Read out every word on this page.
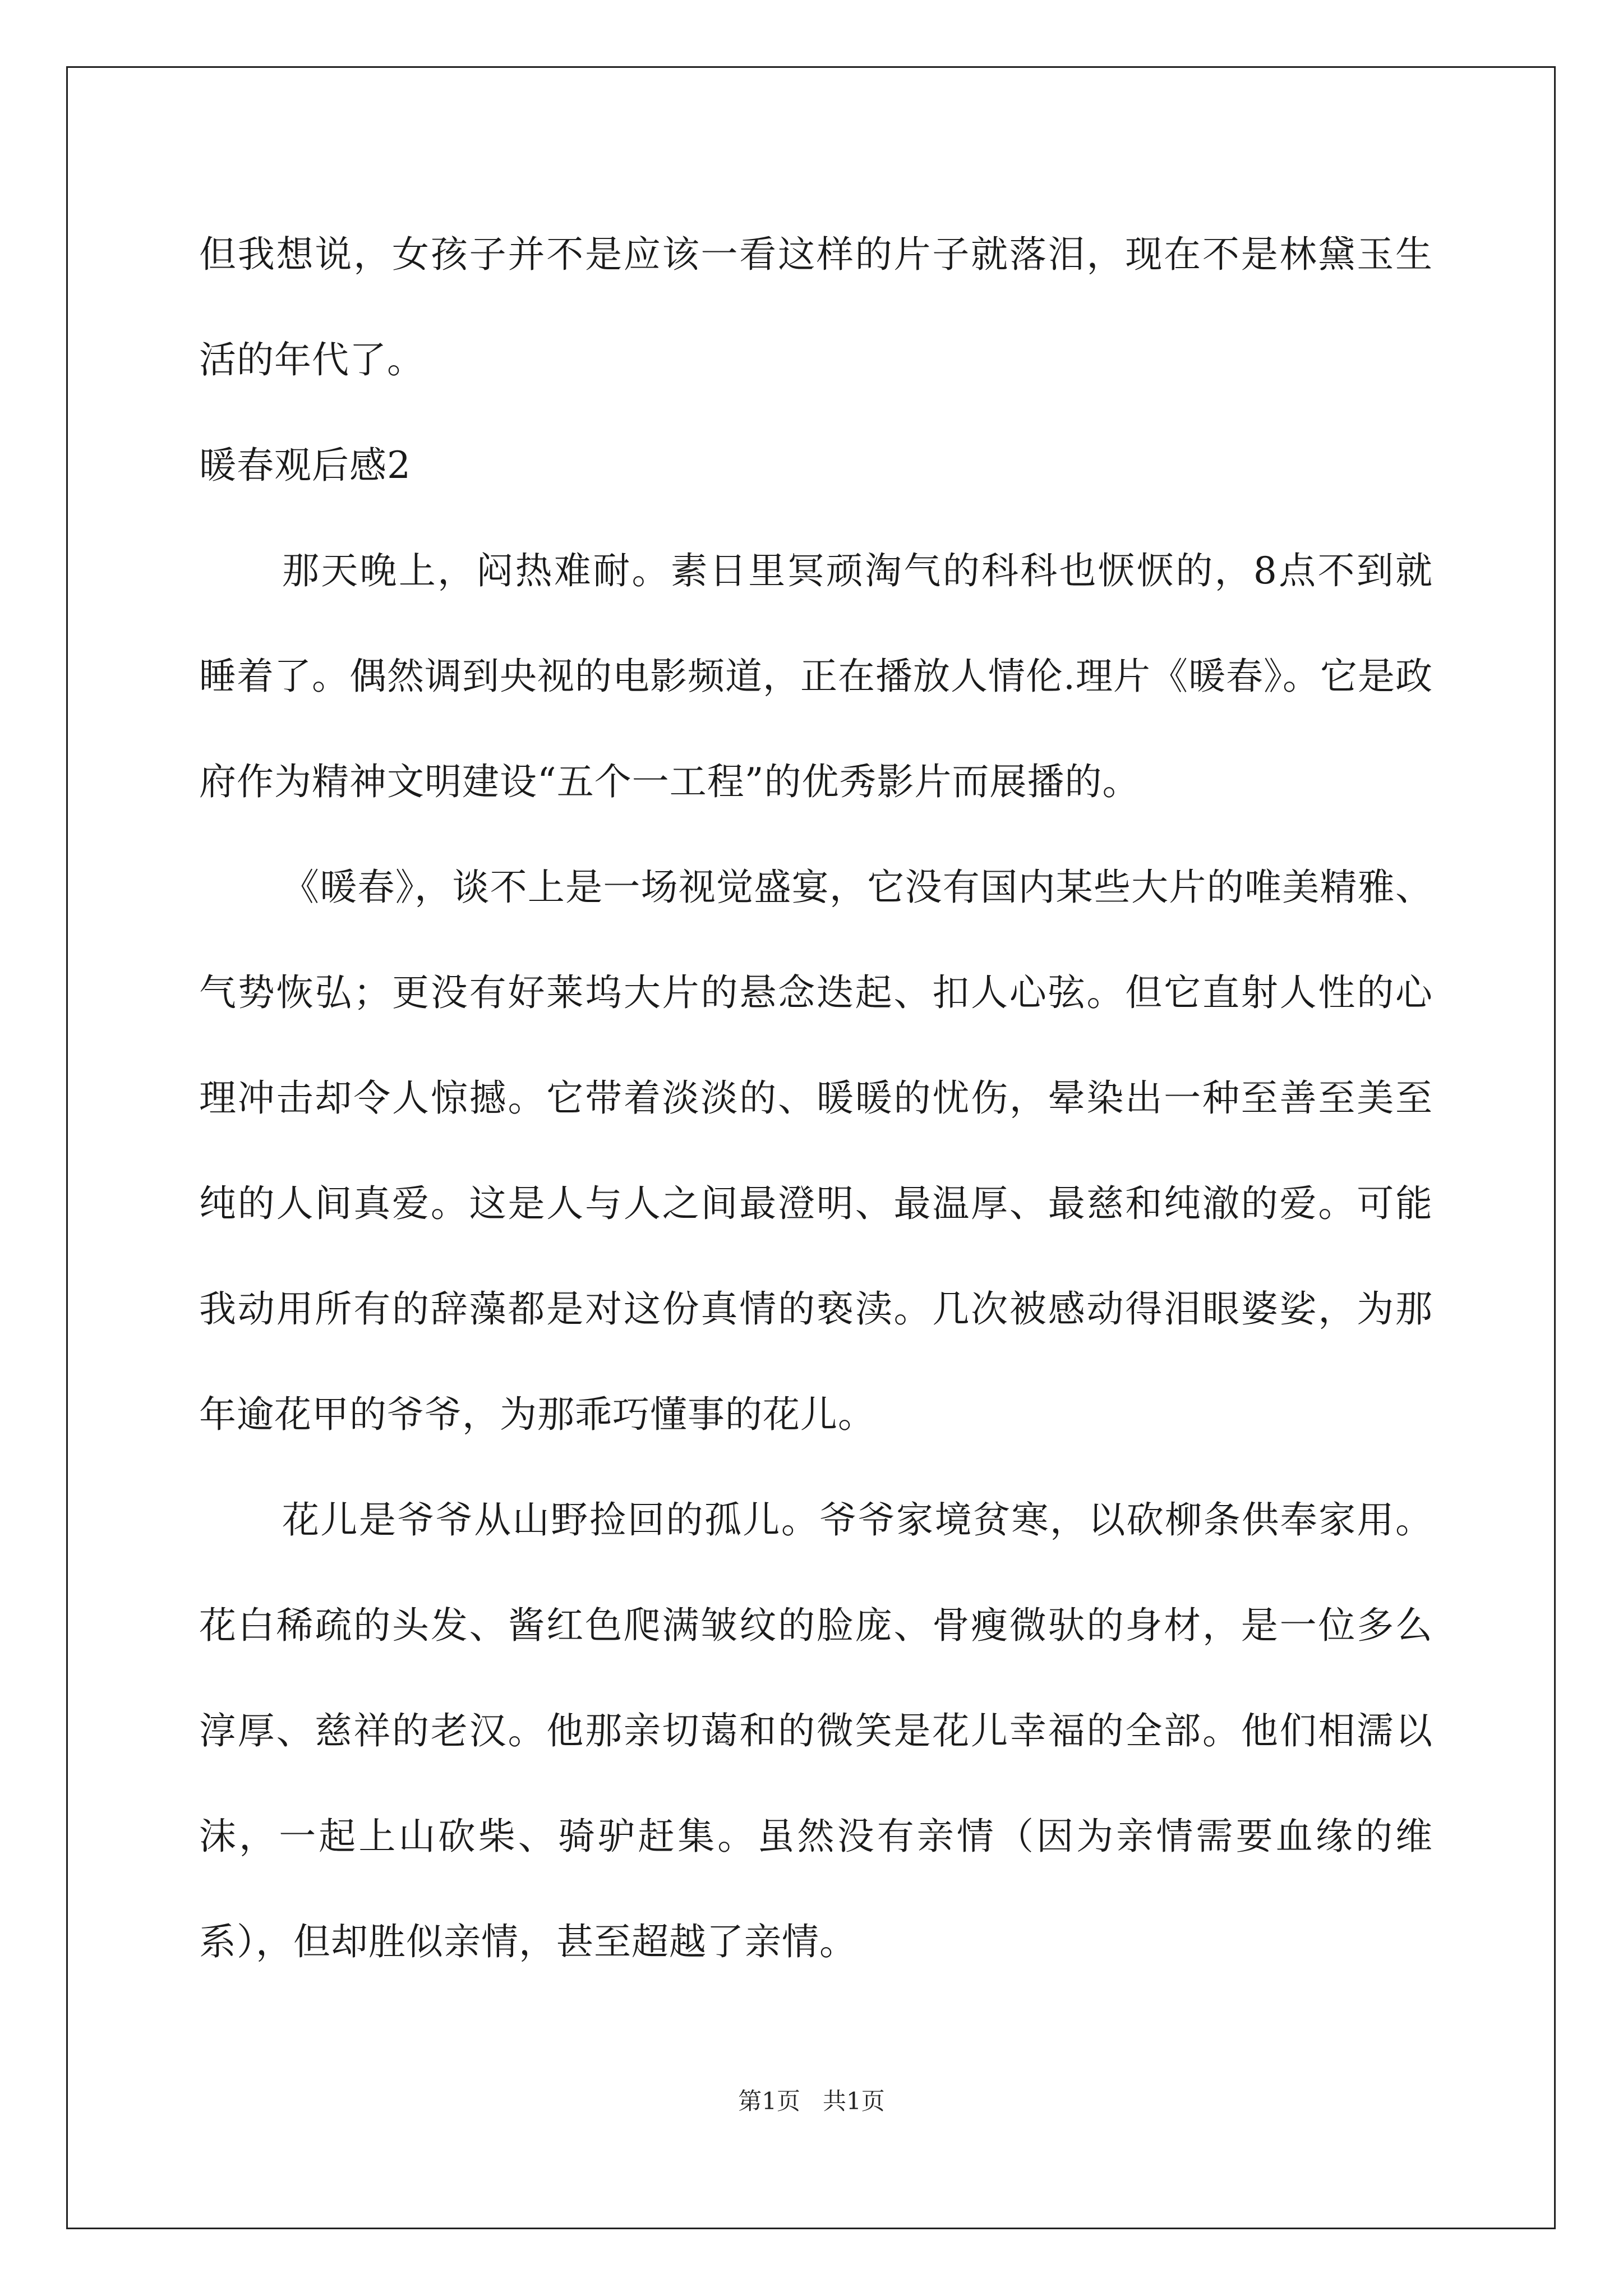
但我想说，女孩子并不是应该一看这样的片子就落泪，现在不是林黛玉生活的年代了。

暖春观后感2

那天晚上，闷热难耐。素日里冥顽淘气的科科也恹恹的，8点不到就睡着了。偶然调到央视的电影频道，正在播放人情伦.理片《暖春》。它是政府作为精神文明建设“五个一工程”的优秀影片而展播的。

《暖春》，谈不上是一场视觉盛宴，它没有国内某些大片的唯美精雅、气势恢弘；更没有好莱坞大片的悬念迭起、扣人心弦。但它直射人性的心理冲击却令人惊撼。它带着淡淡的、暖暖的忧伤，晕染出一种至善至美至纯的人间真爱。这是人与人之间最澄明、最温厚、最慈和纯澈的爱。可能我动用所有的辞藻都是对这份真情的亵渎。几次被感动得泪眼婆娑，为那年逾花甲的爷爷，为那乖巧懂事的花儿。

花儿是爷爷从山野捡回的孤儿。爷爷家境贫寒，以砍柳条供奉家用。花白稀疏的头发、酱红色爬满皱纹的脸庞、骨瘦微驮的身材，是一位多么淳厚、慈祥的老汉。他那亲切蔼和的微笑是花儿幸福的全部。他们相濡以沫，一起上山砍柴、骑驴赶集。虽然没有亲情（因为亲情需要血缘的维系），但却胜似亲情，甚至超越了亲情。

第1页 共1页
